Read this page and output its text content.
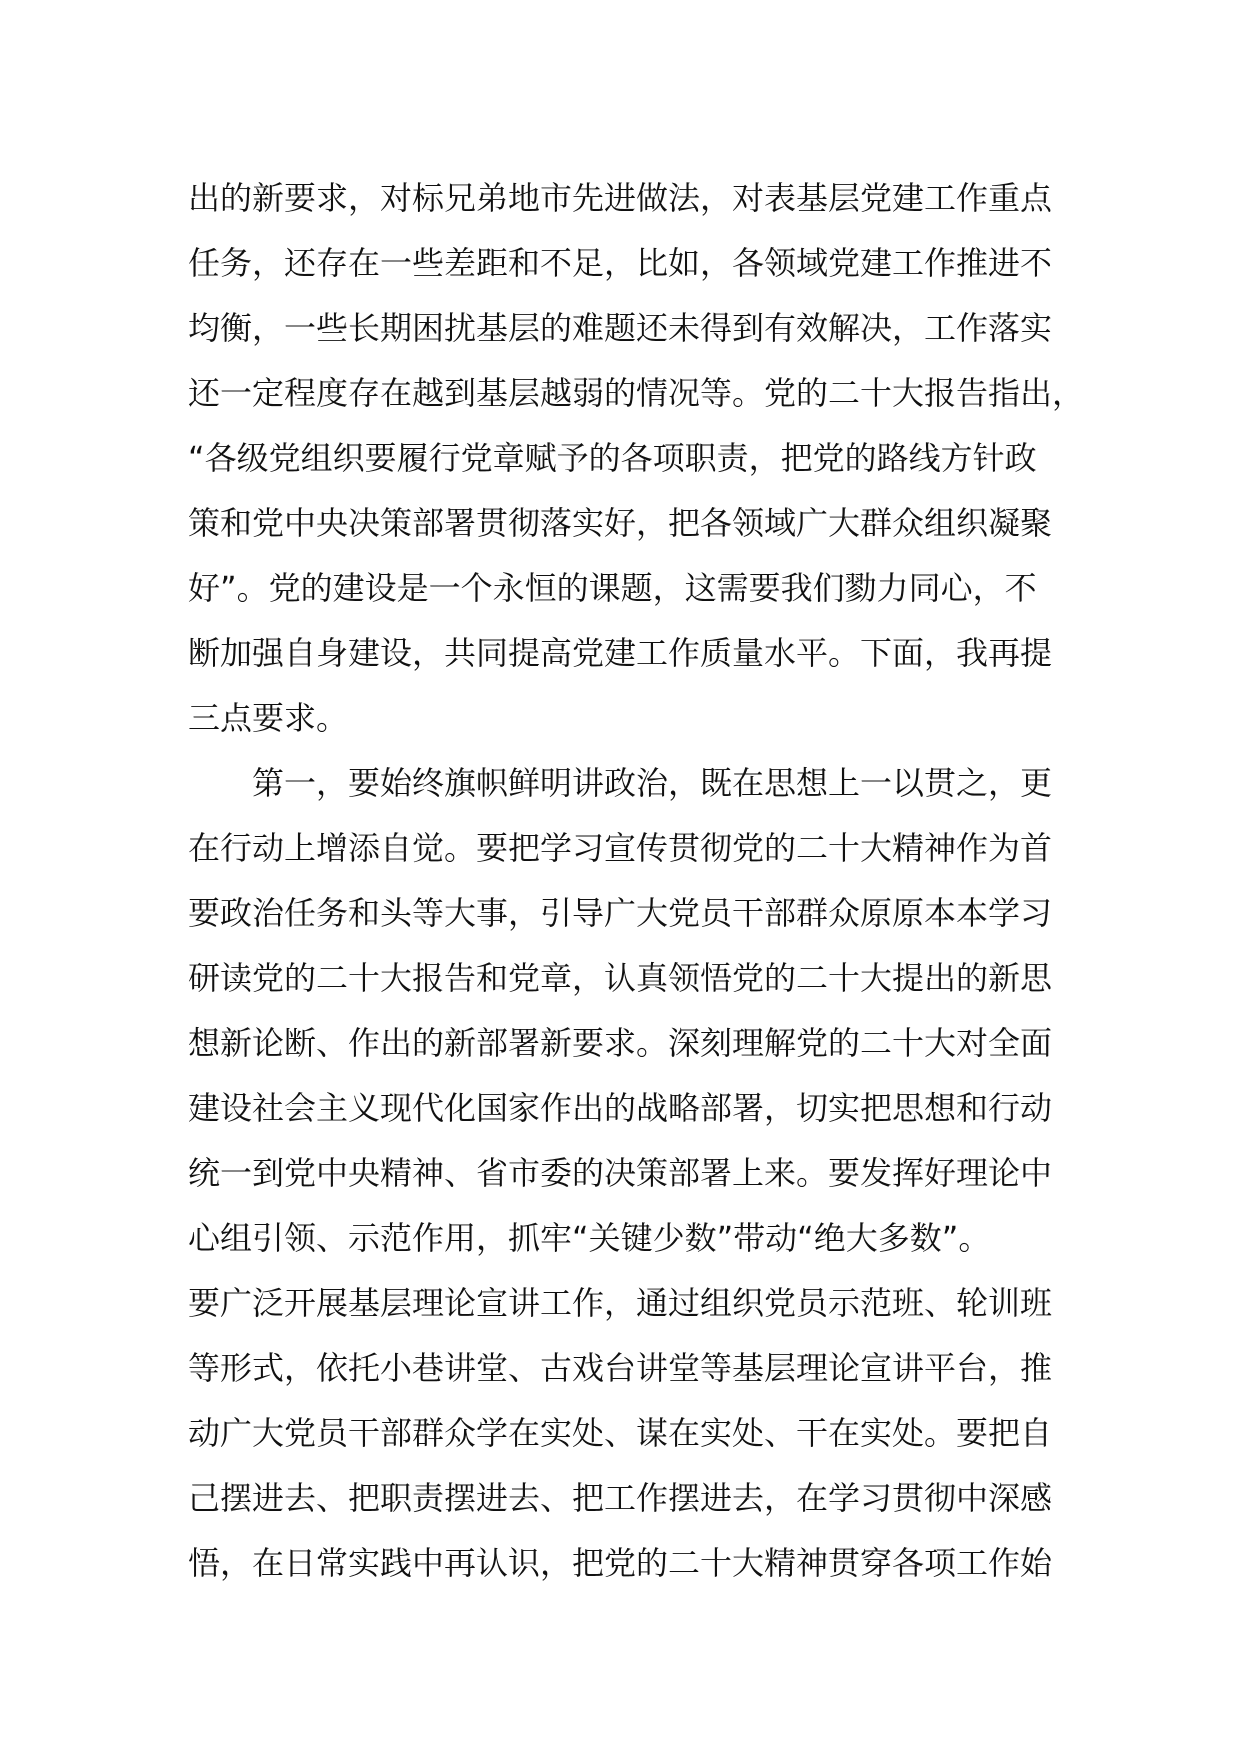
出的新要求，对标兄弟地市先进做法，对表基层党建工作重点
任务，还存在一些差距和不足，比如，各领域党建工作推进不
均衡，一些长期困扰基层的难题还未得到有效解决，工作落实
还一定程度存在越到基层越弱的情况等。党的二十大报告指出，
“各级党组织要履行党章赋予的各项职责，把党的路线方针政
策和党中央决策部署贯彻落实好，把各领域广大群众组织凝聚
好”。党的建设是一个永恒的课题，这需要我们勠力同心，不
断加强自身建设，共同提高党建工作质量水平。下面，我再提
三点要求。
第一，要始终旗帜鲜明讲政治，既在思想上一以贯之，更
在行动上增添自觉。要把学习宣传贯彻党的二十大精神作为首
要政治任务和头等大事，引导广大党员干部群众原原本本学习
研读党的二十大报告和党章，认真领悟党的二十大提出的新思
想新论断、作出的新部署新要求。深刻理解党的二十大对全面
建设社会主义现代化国家作出的战略部署，切实把思想和行动
统一到党中央精神、省市委的决策部署上来。要发挥好理论中
心组引领、示范作用，抓牢“关键少数”带动“绝大多数”。
要广泛开展基层理论宣讲工作，通过组织党员示范班、轮训班
等形式，依托小巷讲堂、古戏台讲堂等基层理论宣讲平台，推
动广大党员干部群众学在实处、谋在实处、干在实处。要把自
己摆进去、把职责摆进去、把工作摆进去，在学习贯彻中深感
悟，在日常实践中再认识，把党的二十大精神贯穿各项工作始
